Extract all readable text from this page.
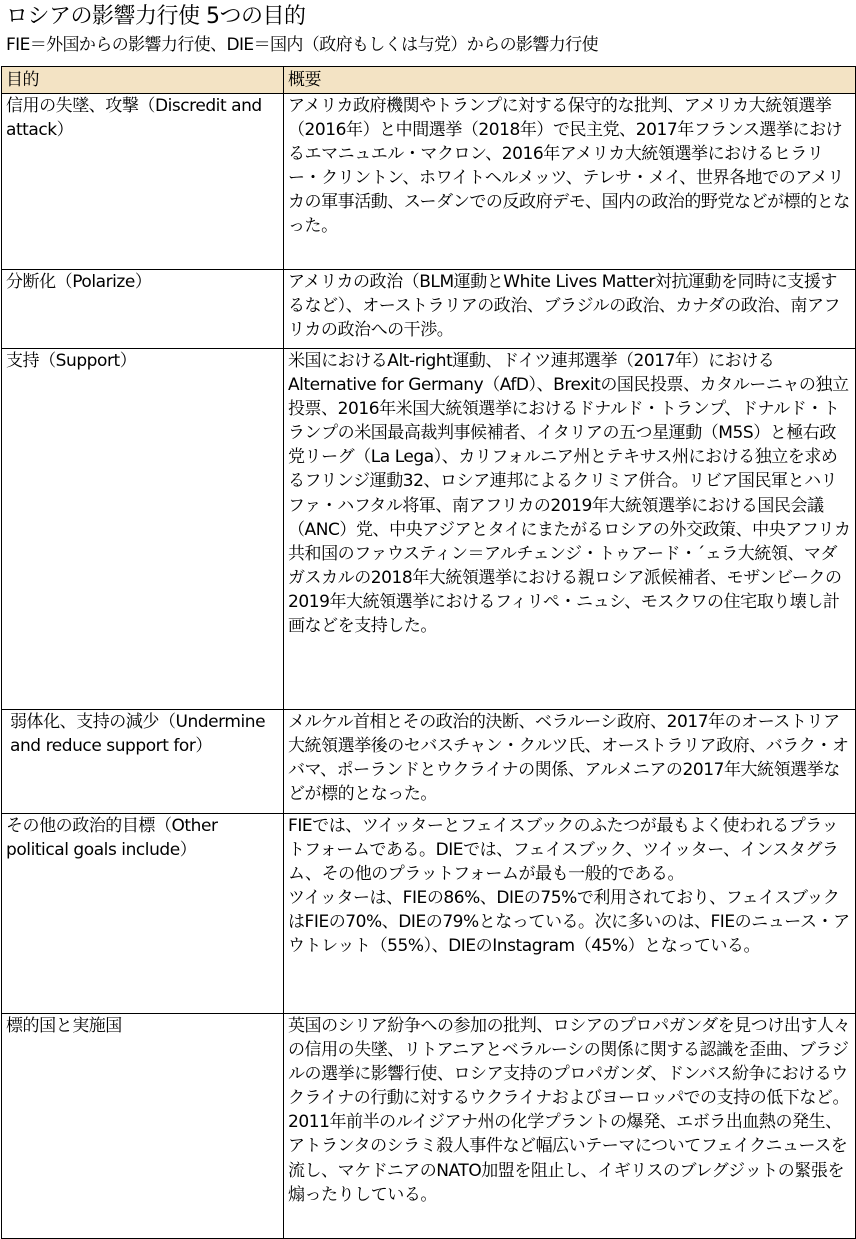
ロシアの影響力行使 5つの目的
FIE＝外国からの影響力行使、DIE＝国内（政府もしくは与党）からの影響力行使
目的	概要

信用の失墜、攻撃（Discredit and attack）	アメリカ政府機関やトランプに対する保守的な批判、アメリカ大統領選挙（2016年）と中間選挙（2018年）で民主党、2017年フランス選挙におけるエマニュエル・マクロン、2016年アメリカ大統領選挙におけるヒラリー・クリントン、ホワイトヘルメッツ、テレサ・メイ、世界各地でのアメリカの軍事活動、スーダンでの反政府デモ、国内の政治的野党などが標的となった。

分断化（Polarize）	アメリカの政治（BLM運動とWhite Lives Matter対抗運動を同時に支援するなど）、オーストラリアの政治、ブラジルの政治、カナダの政治、南アフリカの政治への干渉。

支持（Support）	米国におけるAlt-right運動、ドイツ連邦選挙（2017年）におけるAlternative for Germany（AfD）、Brexitの国民投票、カタルーニャの独立投票、2016年米国大統領選挙におけるドナルド・トランプ、ドナルド・トランプの米国最高裁判事候補者、イタリアの五つ星運動（M5S）と極右政党リーグ（La Lega）、カリフォルニア州とテキサス州における独立を求めるフリンジ運動32、ロシア連邦によるクリミア併合。リビア国民軍とハリファ・ハフタル将軍、南アフリカの2019年大統領選挙における国民会議（ANC）党、中央アジアとタイにまたがるロシアの外交政策、中央アフリカ共和国のファウスティン＝アルチェンジ・トゥアード・´ェラ大統領、マダガスカルの2018年大統領選挙における親ロシア派候補者、モザンビークの2019年大統領選挙におけるフィリペ・ニュシ、モスクワの住宅取り壊し計画などを支持した。

弱体化、支持の減少（Undermine and reduce support for）	メルケル首相とその政治的決断、ベラルーシ政府、2017年のオーストリア大統領選挙後のセバスチャン・クルツ氏、オーストラリア政府、バラク・オバマ、ポーランドとウクライナの関係、アルメニアの2017年大統領選挙などが標的となった。

その他の政治的目標（Other political goals include）	FIEでは、ツイッターとフェイスブックのふたつが最もよく使われるプラットフォームである。DIEでは、フェイスブック、ツイッター、インスタグラム、その他のプラットフォームが最も一般的である。
ツイッターは、FIEの86%、DIEの75%で利用されており、フェイスブックはFIEの70%、DIEの79%となっている。次に多いのは、FIEのニュース・アウトレット（55%）、DIEのInstagram（45%）となっている。

標的国と実施国	英国のシリア紛争への参加の批判、ロシアのプロパガンダを見つけ出す人々の信用の失墜、リトアニアとベラルーシの関係に関する認識を歪曲、ブラジルの選挙に影響行使、ロシア支持のプロパガンダ、ドンバス紛争におけるウクライナの行動に対するウクライナおよびヨーロッパでの支持の低下など。2011年前半のルイジアナ州の化学プラントの爆発、エボラ出血熱の発生、アトランタのシラミ殺人事件など幅広いテーマについてフェイクニュースを流し、マケドニアのNATO加盟を阻止し、イギリスのブレグジットの緊張を煽ったりしている。
